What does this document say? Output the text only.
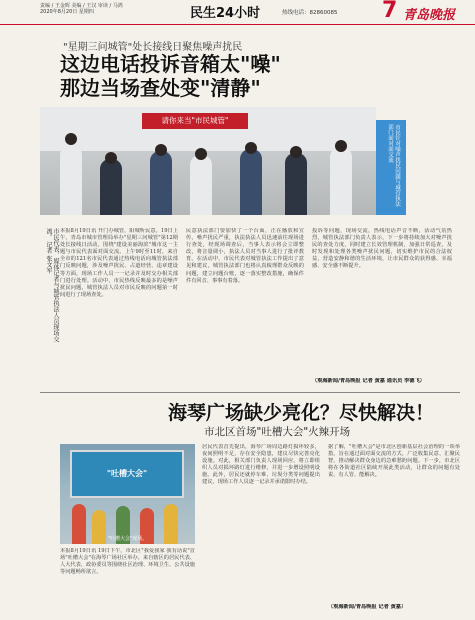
责编 / 王金晖 美编 / 王汉 审读 / 马鸿
2020年8月20日 星期四	民生24小时	热线电话：82860085 7 青岛晚报
"星期三问城管"处长接线日聚焦噪声扰民
这边电话投诉音箱太"噪"
那边当场查处变"清静"
请你来当"市民城管"
市民针对噪声扰民问题与城管执法部门面对面交流
市民代表、媒体记者与城管执法人员现场交流。 记者 张文军	本报8月19日讯 开门办城管，阳城听民意。19日上午，青岛市城市管理局举办"星期三问城管"第12期处长接线日活动，围绕"建设美丽海滨"城市这一主题与市民代表面对面交流。上午9时至11时，来自全市的121名市民代表通过热线电话向城管执法部门反映问题，涉及噪声扰民、占道经营、违章建设等方面，现场工作人员一一记录并及时交办相关部门进行处理。活动中，市民热线反映最多的是噪声扰民问题，城管执法人员对市民反映的问题第一时间进行了现场查处。
民意执法部门要加快了一个台面，正在播放和宣传，噪声扰民严重，执法执法人员迅速前往现场进行查处，经现场调查后，当事人表示将会立即整改，将音量调小，执法人员对当事人进行了批评教育。在活动中，市民代表对城管执法工作提出了意见和建议，城管执法部门也将认真梳理群众反映的问题，建立问题台账，逐一落实整改措施，确保件件有回音、事事有着落。
投诉等问题，现场交流，热线电话声音不断，活动气氛热烈，城管执法部门负责人表示，下一步将持续加大对噪声扰民的查处力度，同时建立长效管理机制，加强日常巡查，及时发现和处理各类噪声扰民问题，切实维护市民的合法权益，营造安静和谐的生活环境，让市民群众的获得感、幸福感、安全感不断提升。
（观海新闻/青岛晚报 记者 黄嘉 通讯员 李德飞）
海琴广场缺少亮化？尽快解决！
市北区首场"吐槽大会"火辣开场
"吐槽大会"
"吐槽大会"现场。
本报8月19日讯 19日下午，市北区"我爱我家 我有话说"首场"吐槽大会"在海琴广场社区举办。来自辖区的居民代表、人大代表、政协委员等围绕社区治理、环境卫生、公共设施等问题畅所欲言。
居民代表首先提出，海琴广场周边路灯损坏较多，夜间照明不足，存在安全隐患，建议尽快完善亮化设施。对此，相关部门负责人现场回应，将立即组织人员对损坏路灯进行维修，并进一步增设照明设施。此外，居民还就停车难、垃圾分类等问题提出建议，现场工作人员逐一记录并承诺限时办结。
据了解，"吐槽大会"是市北区创新基层社会治理的一项举措，旨在通过面对面交流的方式，广泛收集民意、汇聚民智，推动解决群众身边的急难愁盼问题。下一步，市北区将在各街道社区陆续开展此类活动，让群众的问题有处说、有人管、能解决。
（观海新闻/青岛晚报 记者 黄嘉）
